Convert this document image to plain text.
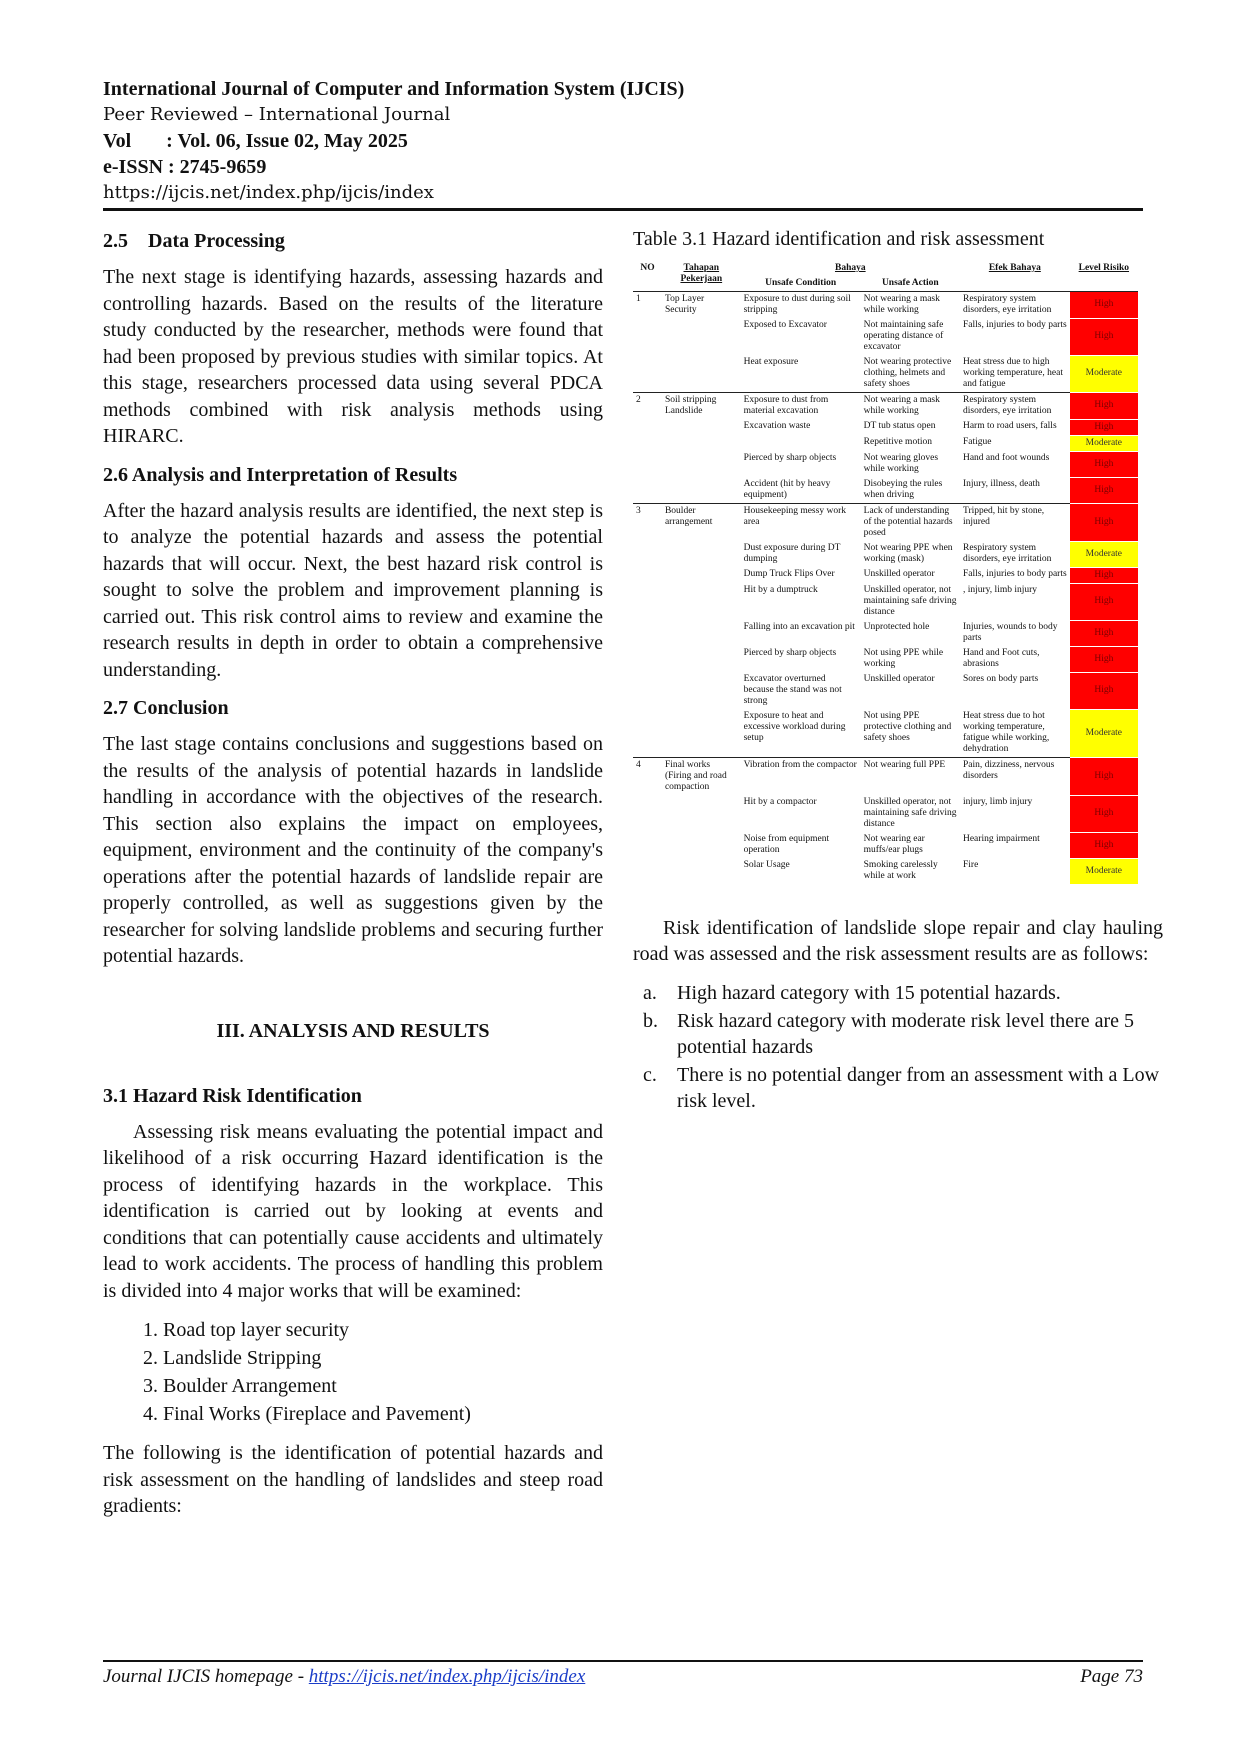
International Journal of Computer and Information System (IJCIS)
Peer Reviewed – International Journal
Vol       : Vol. 06, Issue 02, May 2025
e-ISSN : 2745-9659
https://ijcis.net/index.php/ijcis/index
2.5    Data Processing

The next stage is identifying hazards, assessing hazards and controlling hazards. Based on the results of the literature study conducted by the researcher, methods were found that had been proposed by previous studies with similar topics. At this stage, researchers processed data using several PDCA methods combined with risk analysis methods using HIRARC.

2.6 Analysis and Interpretation of Results

After the hazard analysis results are identified, the next step is to analyze the potential hazards and assess the potential hazards that will occur. Next, the best hazard risk control is sought to solve the problem and improvement planning is carried out. This risk control aims to review and examine the research results in depth in order to obtain a comprehensive understanding.

2.7 Conclusion

The last stage contains conclusions and suggestions based on the results of the analysis of potential hazards in landslide handling in accordance with the objectives of the research. This section also explains the impact on employees, equipment, environment and the continuity of the company's operations after the potential hazards of landslide repair are properly controlled, as well as suggestions given by the researcher for solving landslide problems and securing further potential hazards.

III. ANALYSIS AND RESULTS
3.1 Hazard Risk Identification

Assessing risk means evaluating the potential impact and likelihood of a risk occurring Hazard identification is the process of identifying hazards in the workplace. This identification is carried out by looking at events and conditions that can potentially cause accidents and ultimately lead to work accidents. The process of handling this problem is divided into 4 major works that will be examined:

1. Road top layer security
2. Landslide Stripping
3. Boulder Arrangement
4. Final Works (Fireplace and Pavement)

The following is the identification of potential hazards and risk assessment on the handling of landslides and steep road gradients:

Table 3.1 Hazard identification and risk assessment
NO	Tahapan Pekerjaan	Bahaya		Efek Bahaya	Level Risiko
		Unsafe Condition	Unsafe Action		
1	Top Layer Security	Exposure to dust during soil stripping	Not wearing a mask while working	Respiratory system disorders, eye irritation	High
		Exposed to Excavator	Not maintaining safe operating distance of excavator	Falls, injuries to body parts	High
		Heat exposure	Not wearing protective clothing, helmets and safety shoes	Heat stress due to high working temperature, heat and fatigue	Moderate
2	Soil stripping Landslide	Exposure to dust from material excavation	Not wearing a mask while working	Respiratory system disorders, eye irritation	High
		Excavation waste	DT tub status open	Harm to road users, falls	High
			Repetitive motion	Fatigue	Moderate
		Pierced by sharp objects	Not wearing gloves while working	Hand and foot wounds	High
		Accident (hit by heavy equipment)	Disobeying the rules when driving	Injury, illness, death	High
3	Boulder arrangement	Housekeeping messy work area	Lack of understanding of the potential hazards posed	Tripped, hit by stone, injured	High
		Dust exposure during DT dumping	Not wearing PPE when working (mask)	Respiratory system disorders, eye irritation	Moderate
		Dump Truck Flips Over	Unskilled operator	Falls, injuries to body parts	High
		Hit by a dumptruck	Unskilled operator, not maintaining safe driving distance	, injury, limb injury	High
		Falling into an excavation pit	Unprotected hole	Injuries, wounds to body parts	High
		Pierced by sharp objects	Not using PPE while working	Hand and Foot cuts, abrasions	High
		Excavator overturned because the stand was not strong	Unskilled operator	Sores on body parts	High
		Exposure to heat and excessive workload during setup	Not using PPE protective clothing and safety shoes	Heat stress due to hot working temperature, fatigue while working, dehydration	Moderate
4	Final works (Firing and road compaction	Vibration from the compactor	Not wearing full PPE	Pain, dizziness, nervous disorders	High
		Hit by a compactor	Unskilled operator, not maintaining safe driving distance	injury, limb injury	High
		Noise from equipment operation	Not wearing ear muffs/ear plugs	Hearing impairment	High
		Solar Usage	Smoking carelessly while at work	Fire	Moderate

Risk identification of landslide slope repair and clay hauling road was assessed and the risk assessment results are as follows:

a.	High hazard category with 15 potential hazards.
b. Risk hazard category with moderate risk level there are 5 potential hazards
c.	There is no potential danger from an assessment with a Low risk level.
Journal IJCIS homepage - https://ijcis.net/index.php/ijcis/index	Page 73
